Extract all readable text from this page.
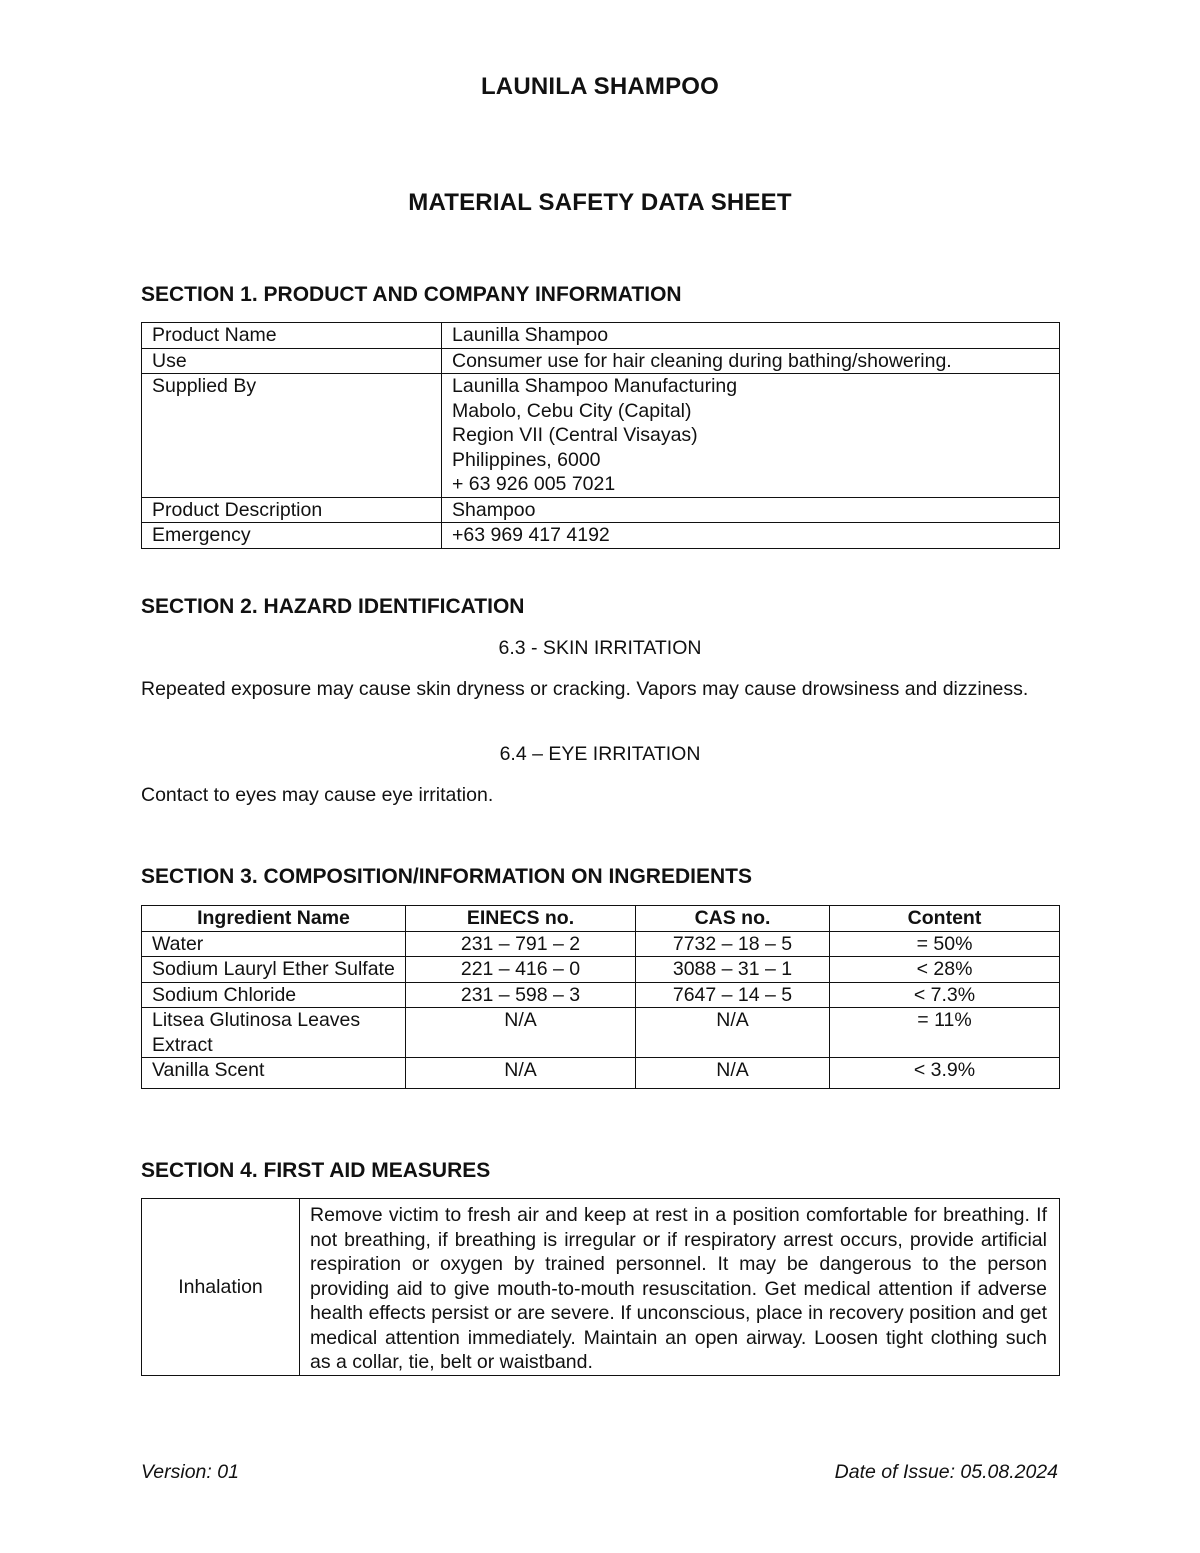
LAUNILA SHAMPOO
MATERIAL SAFETY DATA SHEET
SECTION 1. PRODUCT AND COMPANY INFORMATION
Product Name	Launilla Shampoo
Use	Consumer use for hair cleaning during bathing/showering.
Supplied By	Launilla Shampoo Manufacturing
Mabolo, Cebu City (Capital)
Region VII (Central Visayas)
Philippines, 6000
+ 63 926 005 7021

Product Description	Shampoo
Emergency	+63 969 417 4192
SECTION 2. HAZARD IDENTIFICATION
6.3 - SKIN IRRITATION
Repeated exposure may cause skin dryness or cracking. Vapors may cause drowsiness and dizziness.
6.4 – EYE IRRITATION
Contact to eyes may cause eye irritation.
SECTION 3. COMPOSITION/INFORMATION ON INGREDIENTS
Ingredient Name	EINECS no.	CAS no.	Content
Water	231 – 791 – 2	7732 – 18 – 5	= 50%
Sodium Lauryl Ether Sulfate	221 – 416 – 0	3088 – 31 – 1	< 28%
Sodium Chloride	231 – 598 – 3	7647 – 14 – 5	< 7.3%
Litsea Glutinosa Leaves Extract	N/A	N/A	= 11%
Vanilla Scent	N/A	N/A	< 3.9%
SECTION 4. FIRST AID MEASURES
Inhalation	Remove victim to fresh air and keep at rest in a position comfortable for breathing. If not breathing, if breathing is irregular or if respiratory arrest occurs, provide artificial respiration or oxygen by trained personnel. It may be dangerous to the person providing aid to give mouth-to-mouth resuscitation. Get medical attention if adverse health effects persist or are severe. If unconscious, place in recovery position and get medical attention immediately. Maintain an open airway. Loosen tight clothing such as a collar, tie, belt or waistband.
Version: 01	Date of Issue: 05.08.2024
